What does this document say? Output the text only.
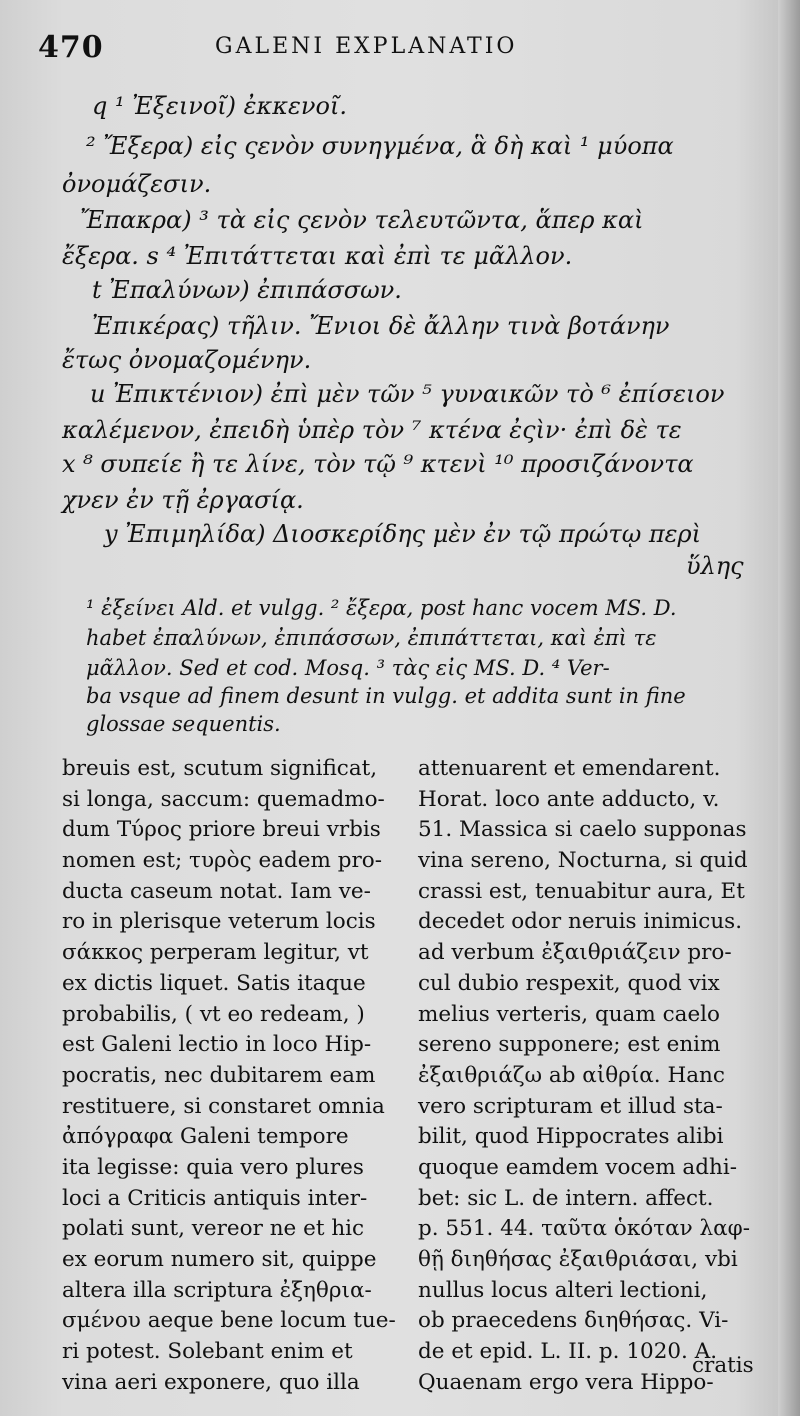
470	GALENI EXPLANATIO
q ¹ Ἐξεινοῖ) ἐκκενοῖ.
² Ἔξερα) εἰς ςενὸν συνηγμένα, ἃ δὴ καὶ ¹ μύοπα
ὀνομάζεσιν.
Ἔπακρα) ³ τὰ εἰς ςενὸν τελευτῶντα, ἅπερ καὶ
ἔξερα. s ⁴ Ἐπιτάττεται καὶ ἐπὶ τε μᾶλλον.
t Ἐπαλύνων) ἐπιπάσσων.
Ἐπικέρας) τῆλιν. Ἔνιοι δὲ ἄλλην τινὰ βοτάνην
ἔτως ὀνομαζομένην.
u Ἐπικτένιον) ἐπὶ μὲν τῶν ⁵ γυναικῶν τὸ ⁶ ἐπίσειον
καλέμενον, ἐπειδὴ ὑπὲρ τὸν ⁷ κτένα ἐςὶν· ἐπὶ δὲ τε
x ⁸ συπείε ἢ τε λίνε, τὸν τῷ ⁹ κτενὶ ¹⁰ προσιζάνοντα
χνεν ἐν τῇ ἐργασίᾳ.
y Ἐπιμηλίδα) Διοσκερίδης μὲν ἐν τῷ πρώτῳ περὶ
ὕλης
¹ ἐξείνει Ald. et vulgg. ² ἔξερα, post hanc vocem MS. D.
habet ἐπαλύνων, ἐπιπάσσων, ἐπιπάττεται, καὶ ἐπὶ τε
μᾶλλον. Sed et cod. Mosq. ³ τὰς εἰς MS. D. ⁴ Ver-
ba vsque ad finem desunt in vulgg. et addita sunt in fine
glossae sequentis.
breuis est, scutum significat,
si longa, saccum: quemadmo-
dum Τύρος priore breui vrbis
nomen est; τυρὸς eadem pro-
ducta caseum notat. Iam ve-
ro in plerisque veterum locis
σάκκος perperam legitur, vt
ex dictis liquet. Satis itaque
probabilis, ( vt eo redeam, )
est Galeni lectio in loco Hip-
pocratis, nec dubitarem eam
restituere, si constaret omnia
ἀπόγραφα Galeni tempore
ita legisse: quia vero plures
loci a Criticis antiquis inter-
polati sunt, vereor ne et hic
ex eorum numero sit, quippe
altera illa scriptura ἐξηθρια-
σμένου aeque bene locum tue-
ri potest. Solebant enim et
vina aeri exponere, quo illa
attenuarent et emendarent.
Horat. loco ante adducto, v.
51. Massica si caelo supponas
vina sereno, Nocturna, si quid
crassi est, tenuabitur aura, Et
decedet odor neruis inimicus.
ad verbum ἐξαιθριάζειν pro-
cul dubio respexit, quod vix
melius verteris, quam caelo
sereno supponere; est enim
ἐξαιθριάζω ab αἰθρία. Hanc
vero scripturam et illud sta-
bilit, quod Hippocrates alibi
quoque eamdem vocem adhi-
bet: sic L. de intern. affect.
p. 551. 44. ταῦτα ὁκόταν λαφ-
θῇ διηθήσας ἐξαιθριάσαι, vbi
nullus locus alteri lectioni,
ob praecedens διηθήσας. Vi-
de et epid. L. II. p. 1020. A.
Quaenam ergo vera Hippo-
cratis
